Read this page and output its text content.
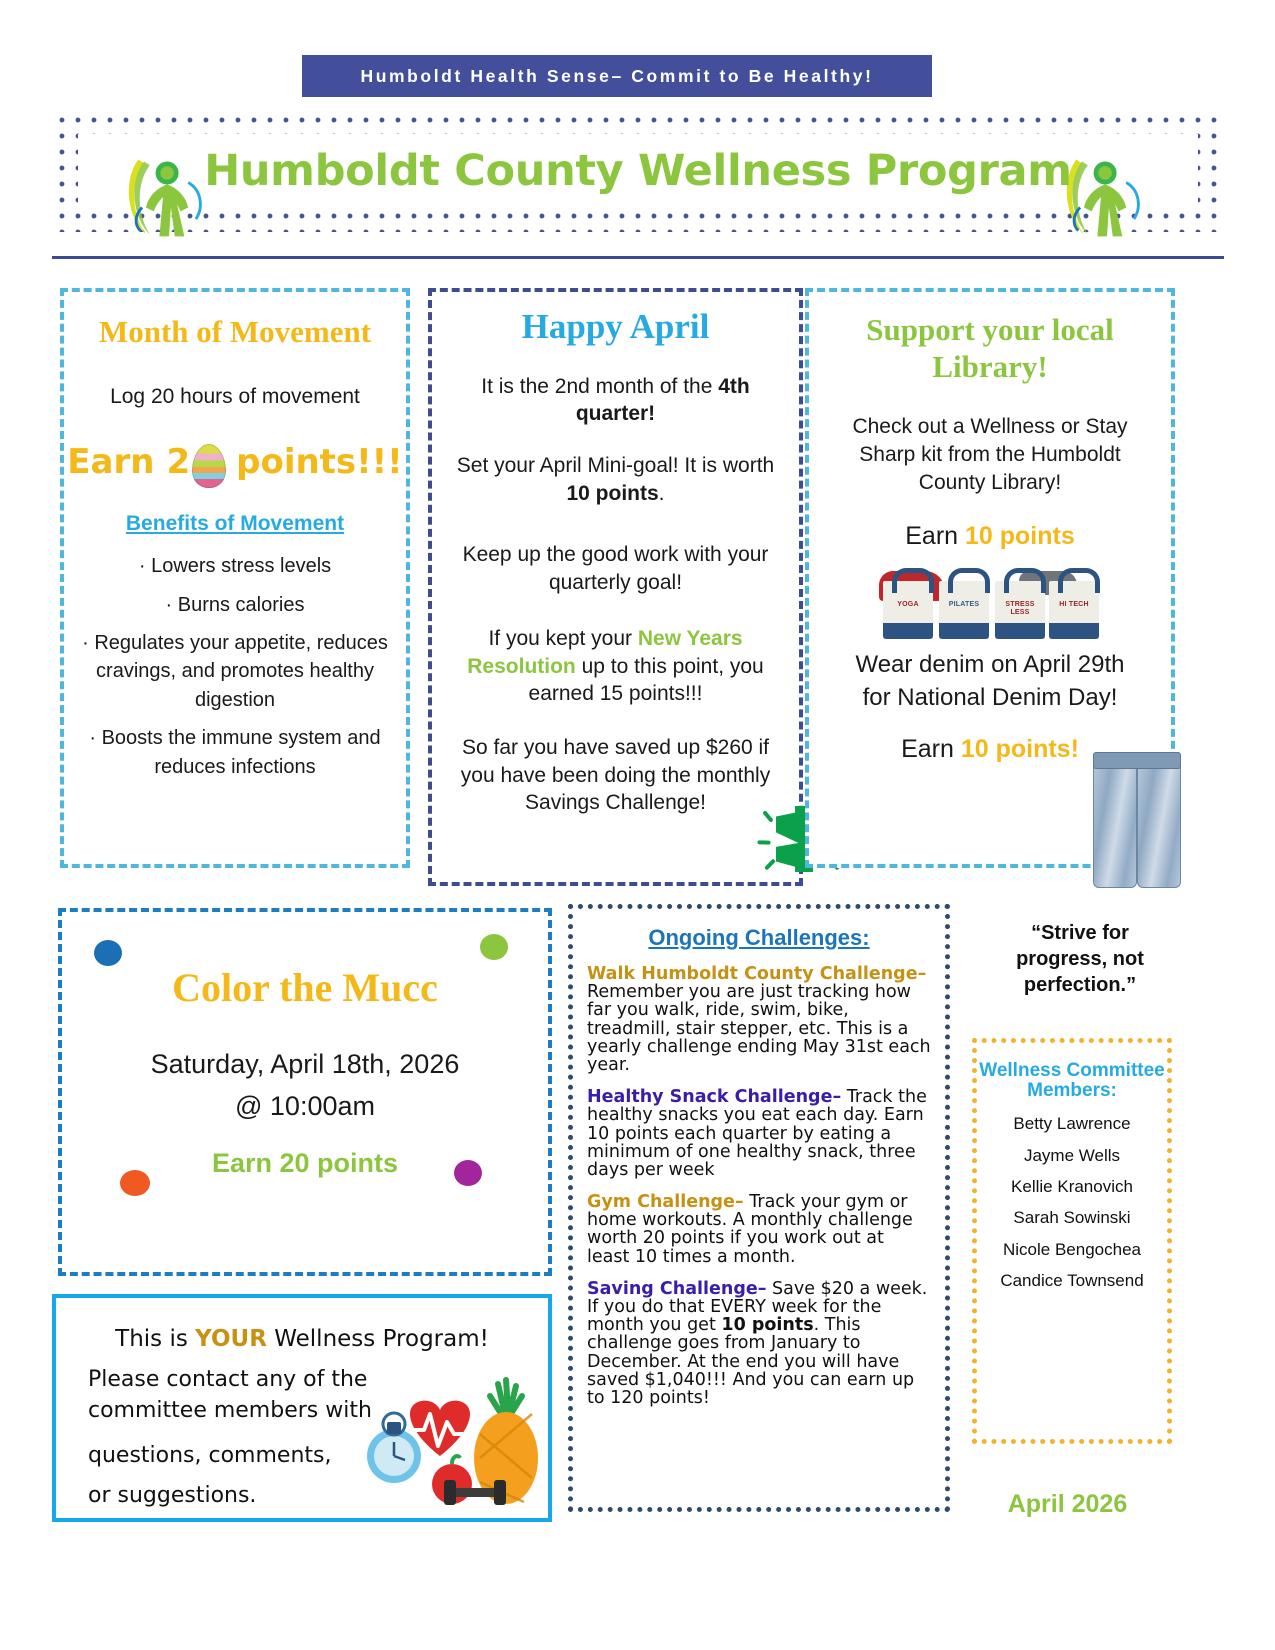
Humboldt Health Sense– Commit to Be Healthy!
Humboldt County Wellness Program
Month of Movement
Log 20 hours of movement
Earn 2 points!!!
Benefits of Movement
· Lowers stress levels
· Burns calories
· Regulates your appetite, reduces cravings, and promotes healthy digestion
· Boosts the immune system and reduces infections
Happy April
It is the 2nd month of the 4th quarter!
Set your April Mini-goal! It is worth 10 points.
Keep up the good work with your quarterly goal!
If you kept your New Years Resolution up to this point, you earned 15 points!!!
So far you have saved up $260 if you have been doing the monthly Savings Challenge!
Support your local Library!
Check out a Wellness or Stay Sharp kit from the Humboldt County Library!
Earn 10 points
YOGA	PILATES	STRESS LESS
HI TECH
Wear denim on April 29th for National Denim Day!
Earn 10 points!
Color the Mucc
Saturday, April 18th, 2026
@ 10:00am
Earn 20 points
This is YOUR Wellness Program!
Please contact any of the committee members with
questions, comments,
or suggestions.
Ongoing Challenges:
Walk Humboldt County Challenge– Remember you are just tracking how far you walk, ride, swim, bike, treadmill, stair stepper, etc. This is a yearly challenge ending May 31st each year.
Healthy Snack Challenge– Track the healthy snacks you eat each day. Earn 10 points each quarter by eating a minimum of one healthy snack, three days per week
Gym Challenge– Track your gym or home workouts. A monthly challenge worth 20 points if you work out at least 10 times a month.
Saving Challenge– Save $20 a week. If you do that EVERY week for the month you get 10 points. This challenge goes from January to December. At the end you will have saved $1,040!!! And you can earn up to 120 points!
“Strive for progress, not perfection.”
Wellness Committee Members:
Betty Lawrence
Jayme Wells
Kellie Kranovich
Sarah Sowinski
Nicole Bengochea
Candice Townsend
April 2026
